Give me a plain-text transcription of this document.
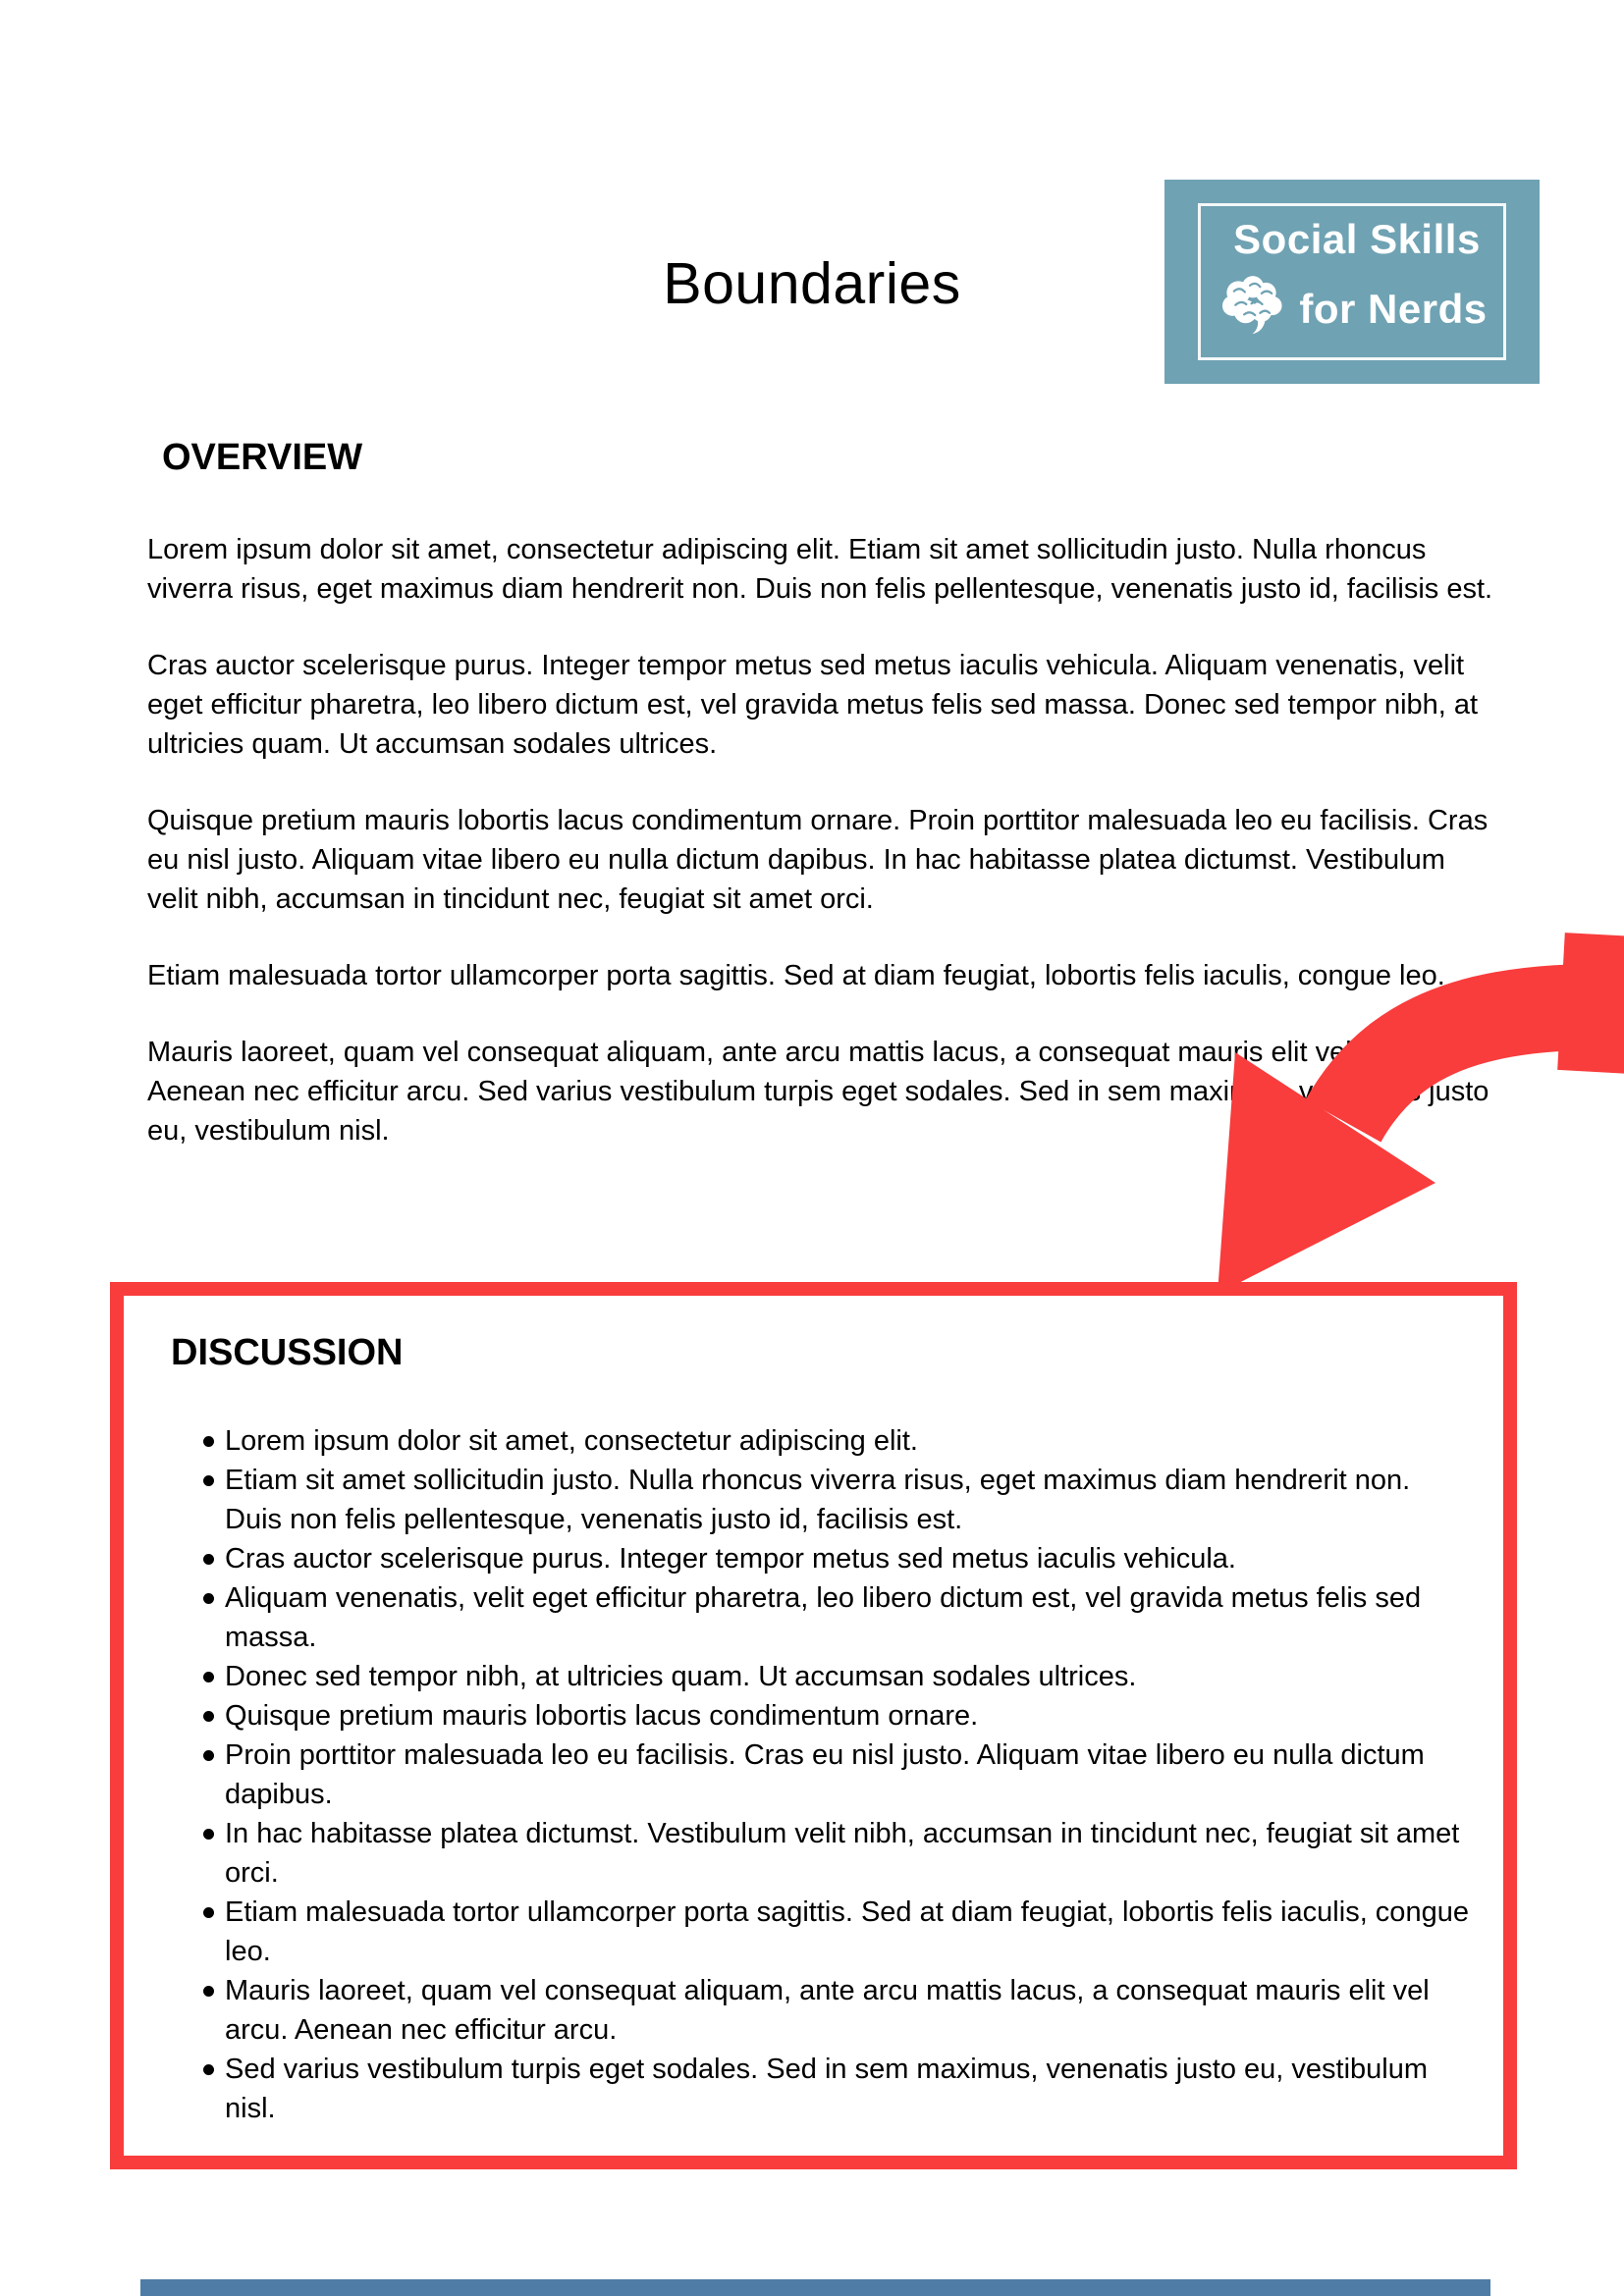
Boundaries
Social Skills
for Nerds
OVERVIEW

Lorem ipsum dolor sit amet, consectetur adipiscing elit. Etiam sit amet sollicitudin justo. Nulla rhoncus viverra risus, eget maximus diam hendrerit non. Duis non felis pellentesque, venenatis justo id, facilisis est.

Cras auctor scelerisque purus. Integer tempor metus sed metus iaculis vehicula. Aliquam venenatis, velit eget efficitur pharetra, leo libero dictum est, vel gravida metus felis sed massa. Donec sed tempor nibh, at ultricies quam. Ut accumsan sodales ultrices.

Quisque pretium mauris lobortis lacus condimentum ornare. Proin porttitor malesuada leo eu facilisis. Cras eu nisl justo. Aliquam vitae libero eu nulla dictum dapibus. In hac habitasse platea dictumst. Vestibulum velit nibh, accumsan in tincidunt nec, feugiat sit amet orci.

Etiam malesuada tortor ullamcorper porta sagittis. Sed at diam feugiat, lobortis felis iaculis, congue leo.

Mauris laoreet, quam vel consequat aliquam, ante arcu mattis lacus, a consequat mauris elit vel arcu. Aenean nec efficitur arcu. Sed varius vestibulum turpis eget sodales. Sed in sem maximus, venenatis justo eu, vestibulum nisl.

DISCUSSION
Lorem ipsum dolor sit amet, consectetur adipiscing elit.
Etiam sit amet sollicitudin justo. Nulla rhoncus viverra risus, eget maximus diam hendrerit non. Duis non felis pellentesque, venenatis justo id, facilisis est.
Cras auctor scelerisque purus. Integer tempor metus sed metus iaculis vehicula.
Aliquam venenatis, velit eget efficitur pharetra, leo libero dictum est, vel gravida metus felis sed massa.
Donec sed tempor nibh, at ultricies quam. Ut accumsan sodales ultrices.
Quisque pretium mauris lobortis lacus condimentum ornare.
Proin porttitor malesuada leo eu facilisis. Cras eu nisl justo. Aliquam vitae libero eu nulla dictum dapibus.
In hac habitasse platea dictumst. Vestibulum velit nibh, accumsan in tincidunt nec, feugiat sit amet orci.
Etiam malesuada tortor ullamcorper porta sagittis. Sed at diam feugiat, lobortis felis iaculis, congue leo.
Mauris laoreet, quam vel consequat aliquam, ante arcu mattis lacus, a consequat mauris elit vel arcu. Aenean nec efficitur arcu.
Sed varius vestibulum turpis eget sodales. Sed in sem maximus, venenatis justo eu, vestibulum nisl.
